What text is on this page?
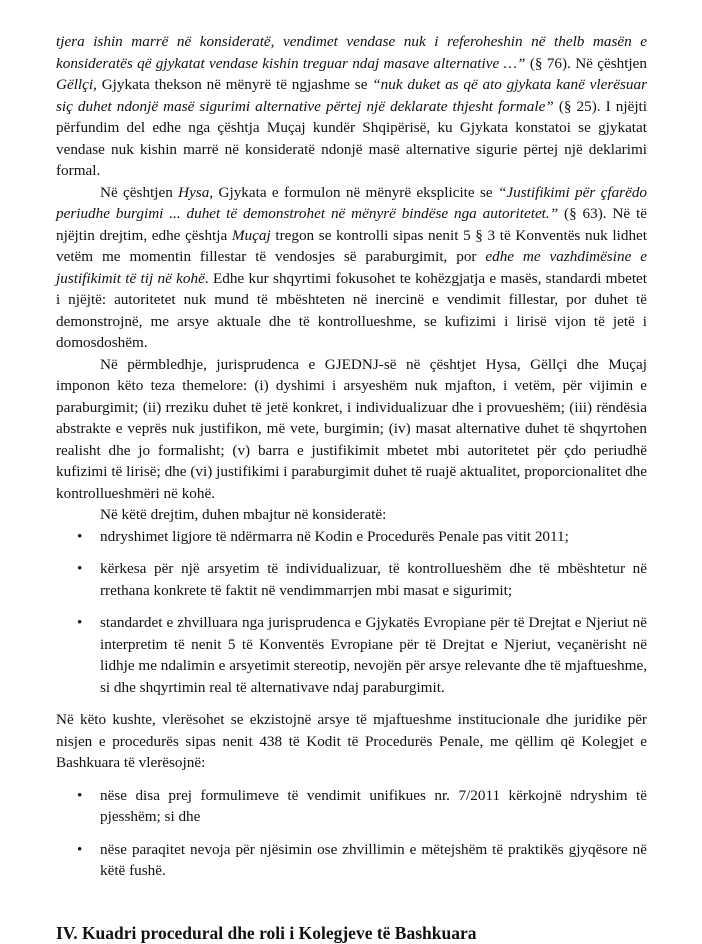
tjera ishin marrë në konsideratë, vendimet vendase nuk i referoheshin në thelb masën e konsideratës që gjykatat vendase kishin treguar ndaj masave alternative …” (§ 76). Në çështjen Gëllçi, Gjykata thekson në mënyrë të ngjashme se “nuk duket as që ato gjykata kanë vlerësuar siç duhet ndonjë masë sigurimi alternative përtej një deklarate thjesht formale” (§ 25). I njëjti përfundim del edhe nga çështja Muçaj kundër Shqipërisë, ku Gjykata konstatoi se gjykatat vendase nuk kishin marrë në konsideratë ndonjë masë alternative sigurie përtej një deklarimi formal.

Në çështjen Hysa, Gjykata e formulon në mënyrë eksplicite se “Justifikimi për çfarëdo periudhe burgimi ... duhet të demonstrohet në mënyrë bindëse nga autoritetet.” (§ 63). Në të njëjtin drejtim, edhe çështja Muçaj tregon se kontrolli sipas nenit 5 § 3 të Konventës nuk lidhet vetëm me momentin fillestar të vendosjes së paraburgimit, por edhe me vazhdimësine e justifikimit të tij në kohë. Edhe kur shqyrtimi fokusohet te kohëzgjatja e masës, standardi mbetet i njëjtë: autoritetet nuk mund të mbështeten në inercinë e vendimit fillestar, por duhet të demonstrojnë, me arsye aktuale dhe të kontrollueshme, se kufizimi i lirisë vijon të jetë i domosdoshëm.

Në përmbledhje, jurisprudenca e GJEDNJ-së në çështjet Hysa, Gëllçi dhe Muçaj imponon këto teza themelore: (i) dyshimi i arsyeshëm nuk mjafton, i vetëm, për vijimin e paraburgimit; (ii) rreziku duhet të jetë konkret, i individualizuar dhe i provueshëm; (iii) rëndësia abstrakte e veprës nuk justifikon, më vete, burgimin; (iv) masat alternative duhet të shqyrtohen realisht dhe jo formalisht; (v) barra e justifikimit mbetet mbi autoritetet për çdo periudhë kufizimi të lirisë; dhe (vi) justifikimi i paraburgimit duhet të ruajë aktualitet, proporcionalitet dhe kontrollueshmëri në kohë.

Në këtë drejtim, duhen mbajtur në konsideratë:

• ndryshimet ligjore të ndërmarra në Kodin e Procedurës Penale pas vitit 2011;
• kërkesa për një arsyetim të individualizuar, të kontrollueshëm dhe të mbështetur në rrethana konkrete të faktit në vendimmarrjen mbi masat e sigurimit;
• standardet e zhvilluara nga jurisprudenca e Gjykatës Evropiane për të Drejtat e Njeriut në interpretim të nenit 5 të Konventës Evropiane për të Drejtat e Njeriut, veçanërisht në lidhje me ndalimin e arsyetimit stereotip, nevojën për arsye relevante dhe të mjaftueshme, si dhe shqyrtimin real të alternativave ndaj paraburgimit.

Në këto kushte, vlerësohet se ekzistojnë arsye të mjaftueshme institucionale dhe juridike për nisjen e procedurës sipas nenit 438 të Kodit të Procedurës Penale, me qëllim që Kolegjet e Bashkuara të vlerësojnë:

• nëse disa prej formulimeve të vendimit unifikues nr. 7/2011 kërkojnë ndryshim të pjesshëm; si dhe
• nëse paraqitet nevoja për njësimin ose zhvillimin e mëtejshëm të praktikës gjyqësore në këtë fushë.
IV. Kuadri procedural dhe roli i Kolegjeve të Bashkuara
